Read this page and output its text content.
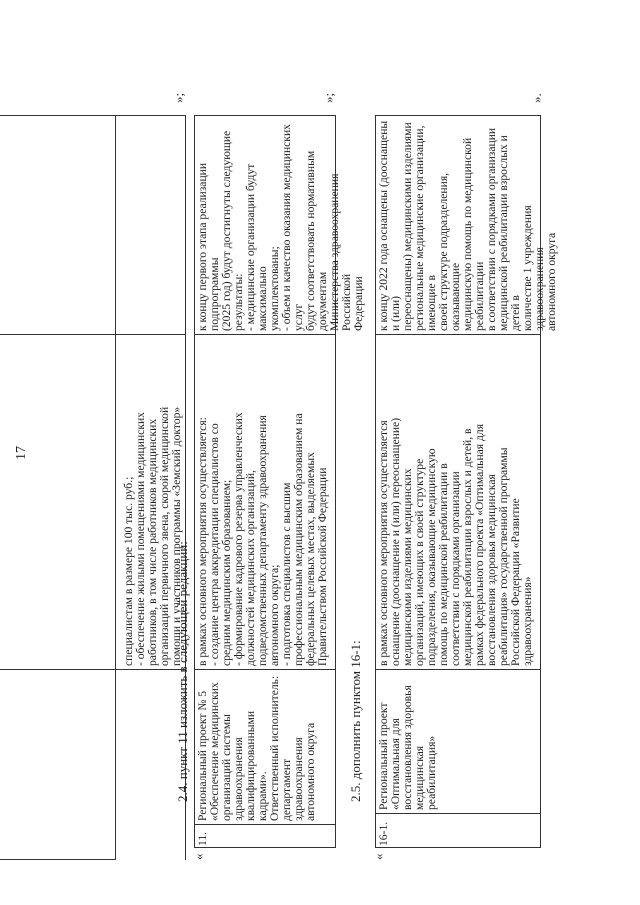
17
специалистам в размере 100 тыс. руб.; - обеспечение жилыми помещениями медицинских работников, в том числе работников медицинских организаций первичного звена, скорой медицинской помощи и участников программы «Земский доктор»
»;
2.4. пункт 11 изложить в следующей редакции:
«
11.
Региональный проект № 5 «Обеспечение медицинских организаций системы здравоохранения квалифицированными кадрами». Ответственный исполнитель: департамент здравоохранения автономного округа
в рамках основного мероприятия осуществляется: - создание центра аккредитации специалистов со средним медицинским образованием; - формирование кадрового резерва управленческих должностей медицинских организаций, подведомственных департаменту здравоохранения автономного округа; - подготовка специалистов с высшим профессиональным медицинским образованием на федеральных целевых местах, выделяемых Правительством Российской Федерации
к концу первого этапа реализации подпрограммы (2025 год) будут достигнуты следующие результаты: - медицинские организации будут максимально укомплектованы; - объем и качество оказания медицинских услуг будут соответствовать нормативным документам Министерства здравоохранения Российской Федерации
»;
2.5. дополнить пунктом 16-1:
«
16-1.
Региональный проект «Оптимальная для восстановления здоровья медицинская реабилитация»
в рамках основного мероприятия осуществляется оснащение (дооснащение и (или) переоснащение) медицинскими изделиями медицинских организаций, имеющих в своей структуре подразделения, оказывающие медицинскую помощь по медицинской реабилитации в соответствии с порядками организации медицинской реабилитации взрослых и детей, в рамках федерального проекта «Оптимальная для восстановления здоровья медицинская реабилитация» государственной программы Российской Федерации «Развитие здравоохранения»
к концу 2022 года оснащены (дооснащены и (или) переоснащены) медицинскими изделиями региональные медицинские организации, имеющие в своей структуре подразделения, оказывающие медицинскую помощь по медицинской реабилитации в соответствии с порядками организации медицинской реабилитации взрослых и детей в количестве 1 учреждения здравоохранения автономного округа
».
